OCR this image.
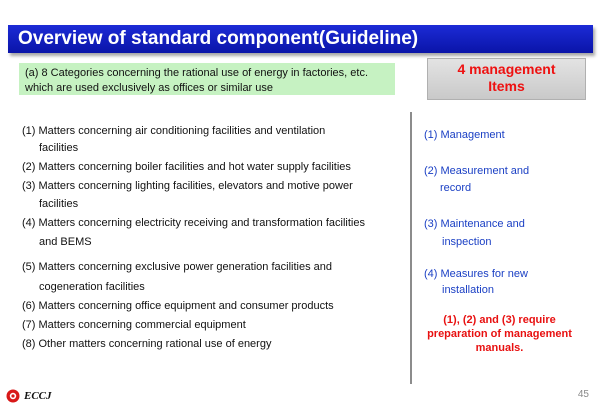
Overview of standard component(Guideline)
(a) 8 Categories concerning the rational use of energy in factories, etc.
which are used exclusively as offices or similar use
4 management
Items
(1) Matters concerning air conditioning facilities and ventilation
facilities
(2) Matters concerning boiler facilities and hot water supply facilities
(3) Matters concerning lighting facilities, elevators and motive power
facilities
(4) Matters concerning electricity receiving and transformation facilities
and BEMS
(5) Matters concerning exclusive power generation facilities and
cogeneration facilities
(6) Matters concerning office equipment and consumer products
(7) Matters concerning commercial equipment
(8) Other matters concerning rational use of energy
(1) Management
(2) Measurement and
record
(3) Maintenance and
inspection
(4) Measures for new
installation
(1), (2) and (3) require
preparation of management
manuals.
ECCJ	45
